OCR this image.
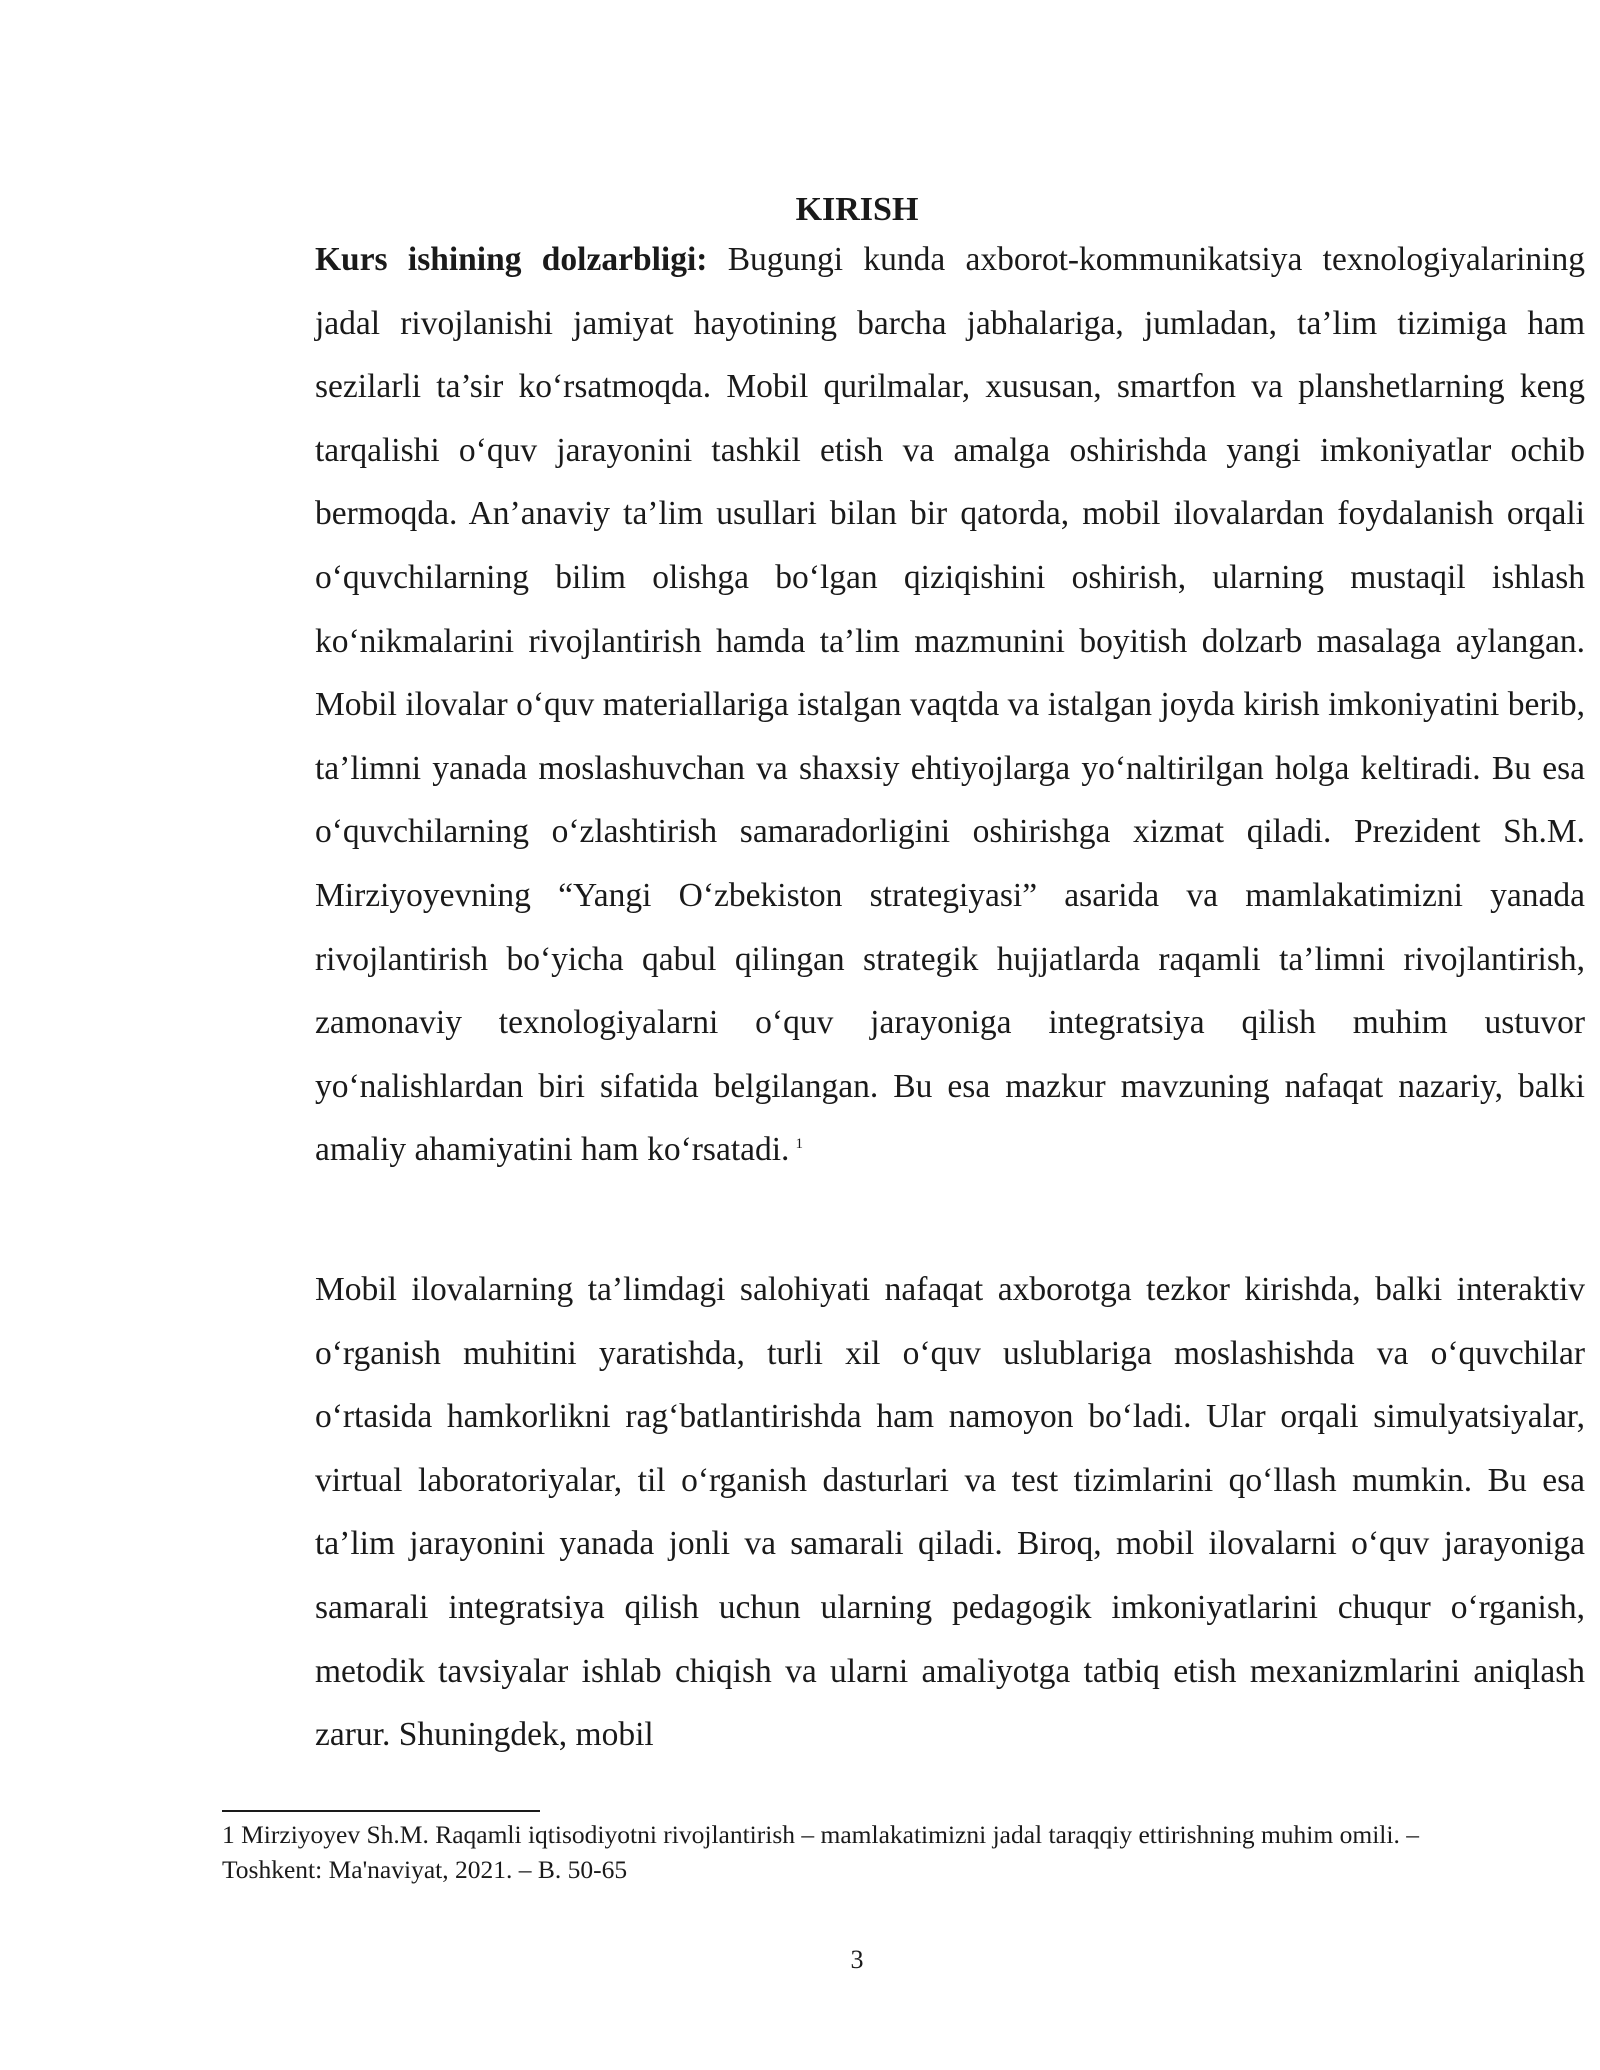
KIRISH

Kurs ishining dolzarbligi: Bugungi kunda axborot-kommunikatsiya texnologiyalarining jadal rivojlanishi jamiyat hayotining barcha jabhalariga, jumladan, ta’lim tizimiga ham sezilarli ta’sir ko‘rsatmoqda. Mobil qurilmalar, xususan, smartfon va planshetlarning keng tarqalishi o‘quv jarayonini tashkil etish va amalga oshirishda yangi imkoniyatlar ochib bermoqda. An’anaviy ta’lim usullari bilan bir qatorda, mobil ilovalardan foydalanish orqali o‘quvchilarning bilim olishga bo‘lgan qiziqishini oshirish, ularning mustaqil ishlash ko‘nikmalarini rivojlantirish hamda ta’lim mazmunini boyitish dolzarb masalaga aylangan. Mobil ilovalar o‘quv materiallariga istalgan vaqtda va istalgan joyda kirish imkoniyatini berib, ta’limni yanada moslashuvchan va shaxsiy ehtiyojlarga yo‘naltirilgan holga keltiradi. Bu esa o‘quvchilarning o‘zlashtirish samaradorligini oshirishga xizmat qiladi. Prezident Sh.M. Mirziyoyevning “Yangi O‘zbekiston strategiyasi” asarida va mamlakatimizni yanada rivojlantirish bo‘yicha qabul qilingan strategik hujjatlarda raqamli ta’limni rivojlantirish, zamonaviy texnologiyalarni o‘quv jarayoniga integratsiya qilish muhim ustuvor yo‘nalishlardan biri sifatida belgilangan. Bu esa mazkur mavzuning nafaqat nazariy, balki amaliy ahamiyatini ham ko‘rsatadi. $^1$

Mobil ilovalarning ta’limdagi salohiyati nafaqat axborotga tezkor kirishda, balki interaktiv o‘rganish muhitini yaratishda, turli xil o‘quv uslublariga moslashishda va o‘quvchilar o‘rtasida hamkorlikni rag‘batlantirishda ham namoyon bo‘ladi. Ular orqali simulyatsiyalar, virtual laboratoriyalar, til o‘rganish dasturlari va test tizimlarini qo‘llash mumkin. Bu esa ta’lim jarayonini yanada jonli va samarali qiladi. Biroq, mobil ilovalarni o‘quv jarayoniga samarali integratsiya qilish uchun ularning pedagogik imkoniyatlarini chuqur o‘rganish, metodik tavsiyalar ishlab chiqish va ularni amaliyotga tatbiq etish mexanizmlarini aniqlash zarur. Shuningdek, mobil

1 Mirziyoyev Sh.M. Raqamli iqtisodiyotni rivojlantirish – mamlakatimizni jadal taraqqiy ettirishning muhim omili. – Toshkent: Ma'naviyat, 2021. – B. 50-65

3
